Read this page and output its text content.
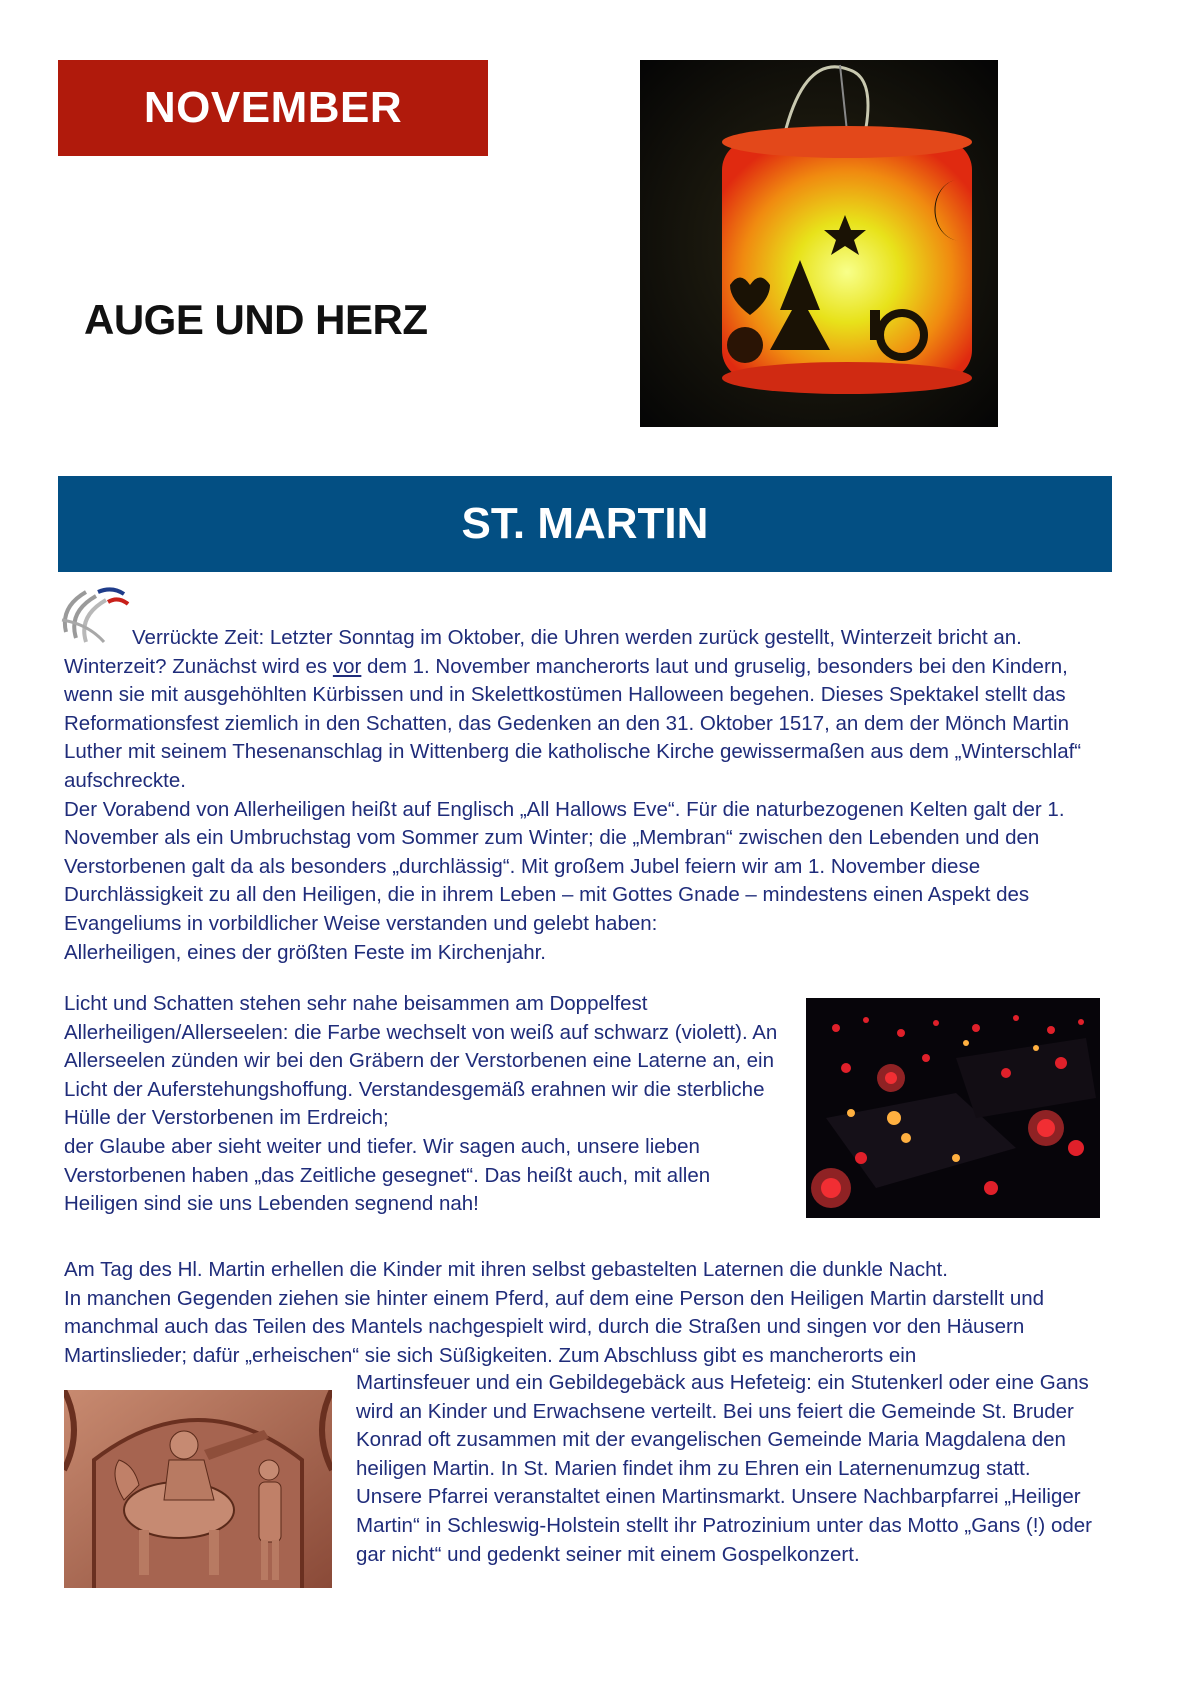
NOVEMBER
AUGE UND HERZ
ST. MARTIN

Verrückte Zeit: Letzter Sonntag im Oktober, die Uhren werden zurück gestellt, Winterzeit bricht an. Winterzeit? Zunächst wird es vor dem 1. November mancherorts laut und gruselig, besonders bei den Kindern, wenn sie mit ausgehöhlten Kürbissen und in Skelettkostümen Halloween begehen. Dieses Spektakel stellt das Reformationsfest ziemlich in den Schatten, das Gedenken an den 31. Oktober 1517, an dem der Mönch Martin Luther mit seinem Thesenanschlag in Wittenberg die katholische Kirche gewissermaßen aus dem „Winterschlaf“ aufschreckte.
Der Vorabend von Allerheiligen heißt auf Englisch „All Hallows Eve“. Für die naturbezogenen Kelten galt der 1. November als ein Umbruchstag vom Sommer zum Winter; die „Membran“ zwischen den Lebenden und den Verstorbenen galt da als besonders „durchlässig“. Mit großem Jubel feiern wir am 1. November diese Durchlässigkeit zu all den Heiligen, die in ihrem Leben – mit Gottes Gnade – mindestens einen Aspekt des Evangeliums in vorbildlicher Weise verstanden und gelebt haben:
Allerheiligen, eines der größten Feste im Kirchenjahr.

Licht und Schatten stehen sehr nahe beisammen am Doppelfest Allerheiligen/Allerseelen: die Farbe wechselt von weiß auf schwarz (violett). An Allerseelen zünden wir bei den Gräbern der Verstorbenen eine Laterne an, ein Licht der Auferstehungshoffung. Verstandesgemäß erahnen wir die sterbliche Hülle der Verstorbenen im Erdreich;
der Glaube aber sieht weiter und tiefer. Wir sagen auch, unsere lieben Verstorbenen haben „das Zeitliche gesegnet“. Das heißt auch, mit allen Heiligen sind sie uns Lebenden segnend nah!

Am Tag des Hl. Martin erhellen die Kinder mit ihren selbst gebastelten Laternen die dunkle Nacht.
In manchen Gegenden ziehen sie hinter einem Pferd, auf dem eine Person den Heiligen Martin darstellt und manchmal auch das Teilen des Mantels nachgespielt wird, durch die Straßen und singen vor den Häusern Martinslieder; dafür „erheischen“ sie sich Süßigkeiten. Zum Abschluss gibt es mancherorts ein

Martinsfeuer und ein Gebildegebäck aus Hefeteig: ein Stutenkerl oder eine Gans wird an Kinder und Erwachsene verteilt. Bei uns feiert die Gemeinde St. Bruder Konrad oft zusammen mit der evangelischen Gemeinde Maria Magdalena den heiligen Martin. In St. Marien findet ihm zu Ehren ein Laternenumzug statt. Unsere Pfarrei veranstaltet einen Martinsmarkt. Unsere Nachbarpfarrei „Heiliger Martin“ in Schleswig-Holstein stellt ihr Patrozinium unter das Motto „Gans (!) oder gar nicht“ und gedenkt seiner mit einem Gospelkonzert.
